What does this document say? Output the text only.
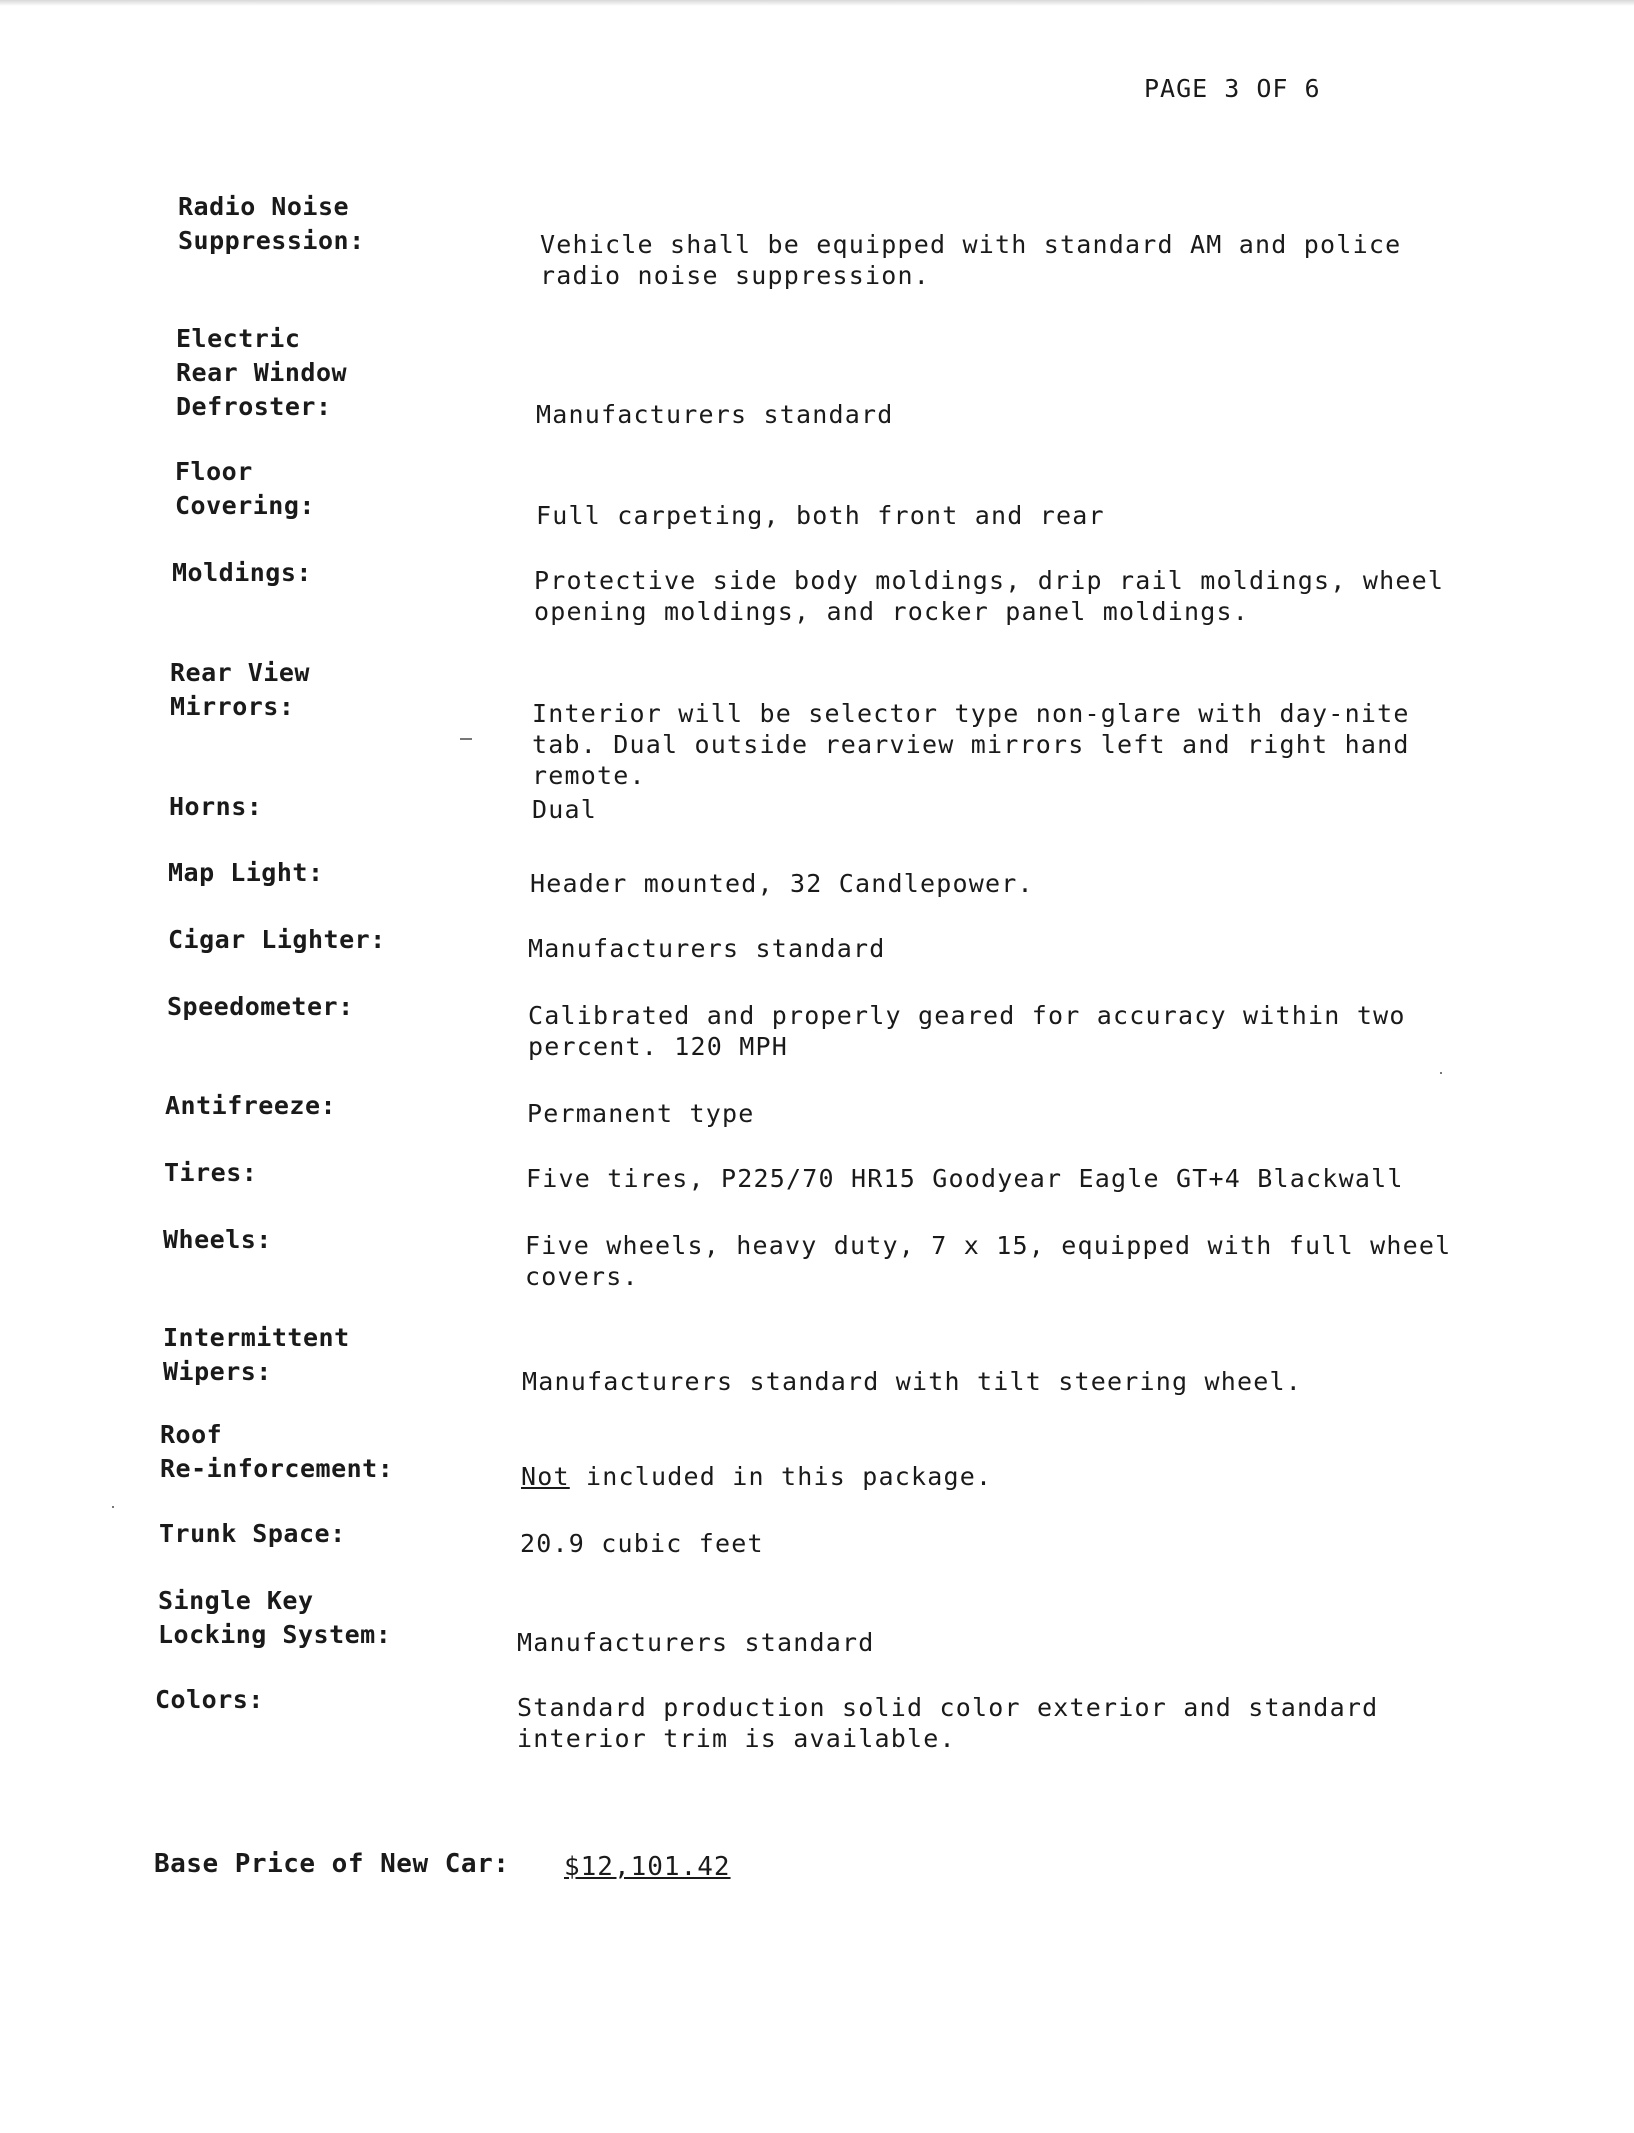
PAGE 3 OF 6
Radio Noise
Suppression:	Vehicle shall be equipped with standard AM and police
radio noise suppression.
Electric
Rear Window
Defroster:	Manufacturers standard
Floor
Covering:	Full carpeting, both front and rear
Moldings:	Protective side body moldings, drip rail moldings, wheel
opening moldings, and rocker panel moldings.
Rear View
Mirrors:	Interior will be selector type non-glare with day-nite
tab. Dual outside rearview mirrors left and right hand
remote.
Horns:	Dual
Map Light:	Header mounted, 32 Candlepower.
Cigar Lighter:	Manufacturers standard
Speedometer:	Calibrated and properly geared for accuracy within two
percent. 120 MPH
Antifreeze:	Permanent type
Tires:	Five tires, P225/70 HR15 Goodyear Eagle GT+4 Blackwall
Wheels:	Five wheels, heavy duty, 7 x 15, equipped with full wheel
covers.
Intermittent
Wipers:	Manufacturers standard with tilt steering wheel.
Roof
Re-inforcement:	Not included in this package.
Trunk Space:	20.9 cubic feet
Single Key
Locking System:	Manufacturers standard
Colors:	Standard production solid color exterior and standard
interior trim is available.
Base Price of New Car: $12,101.42
